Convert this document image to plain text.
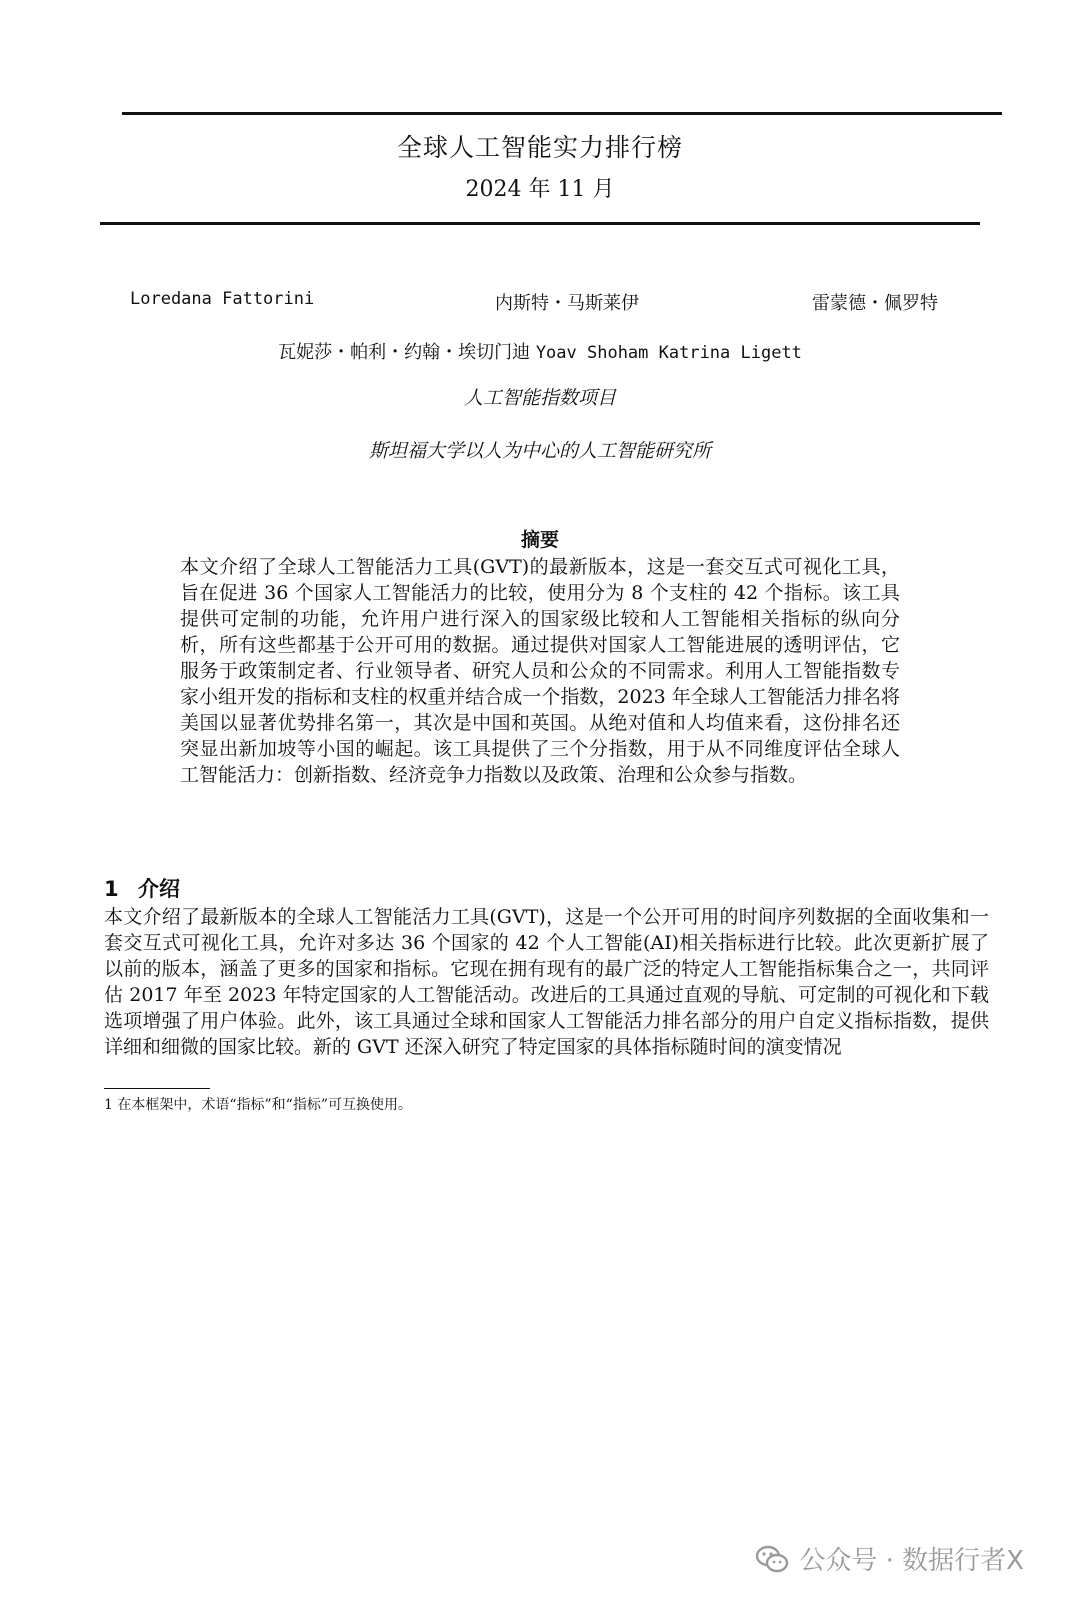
全球人工智能实力排行榜
2024 年 11 月
Loredana Fattorini	内斯特・马斯莱伊	雷蒙德・佩罗特
瓦妮莎・帕利・约翰・埃切门迪 Yoav Shoham Katrina Ligett
人工智能指数项目
斯坦福大学以人为中心的人工智能研究所
摘要
本文介绍了全球人工智能活力工具(GVT)的最新版本，这是一套交互式可视化工具，旨在促进 36 个国家人工智能活力的比较，使用分为 8 个支柱的 42 个指标。该工具提供可定制的功能，允许用户进行深入的国家级比较和人工智能相关指标的纵向分析，所有这些都基于公开可用的数据。通过提供对国家人工智能进展的透明评估，它服务于政策制定者、行业领导者、研究人员和公众的不同需求。利用人工智能指数专家小组开发的指标和支柱的权重并结合成一个指数，2023 年全球人工智能活力排名将美国以显著优势排名第一，其次是中国和英国。从绝对值和人均值来看，这份排名还突显出新加坡等小国的崛起。该工具提供了三个分指数，用于从不同维度评估全球人工智能活力：创新指数、经济竞争力指数以及政策、治理和公众参与指数。
1 介绍
本文介绍了最新版本的全球人工智能活力工具(GVT)，这是一个公开可用的时间序列数据的全面收集和一套交互式可视化工具，允许对多达 36 个国家的 42 个人工智能(AI)相关指标进行比较。此次更新扩展了以前的版本，涵盖了更多的国家和指标。它现在拥有现有的最广泛的特定人工智能指标集合之一，共同评估 2017 年至 2023 年特定国家的人工智能活动。改进后的工具通过直观的导航、可定制的可视化和下载选项增强了用户体验。此外，该工具通过全球和国家人工智能活力排名部分的用户自定义指标指数，提供详细和细微的国家比较。新的 GVT 还深入研究了特定国家的具体指标随时间的演变情况
1 在本框架中，术语“指标”和“指标”可互换使用。
公众号 · 数据行者X
